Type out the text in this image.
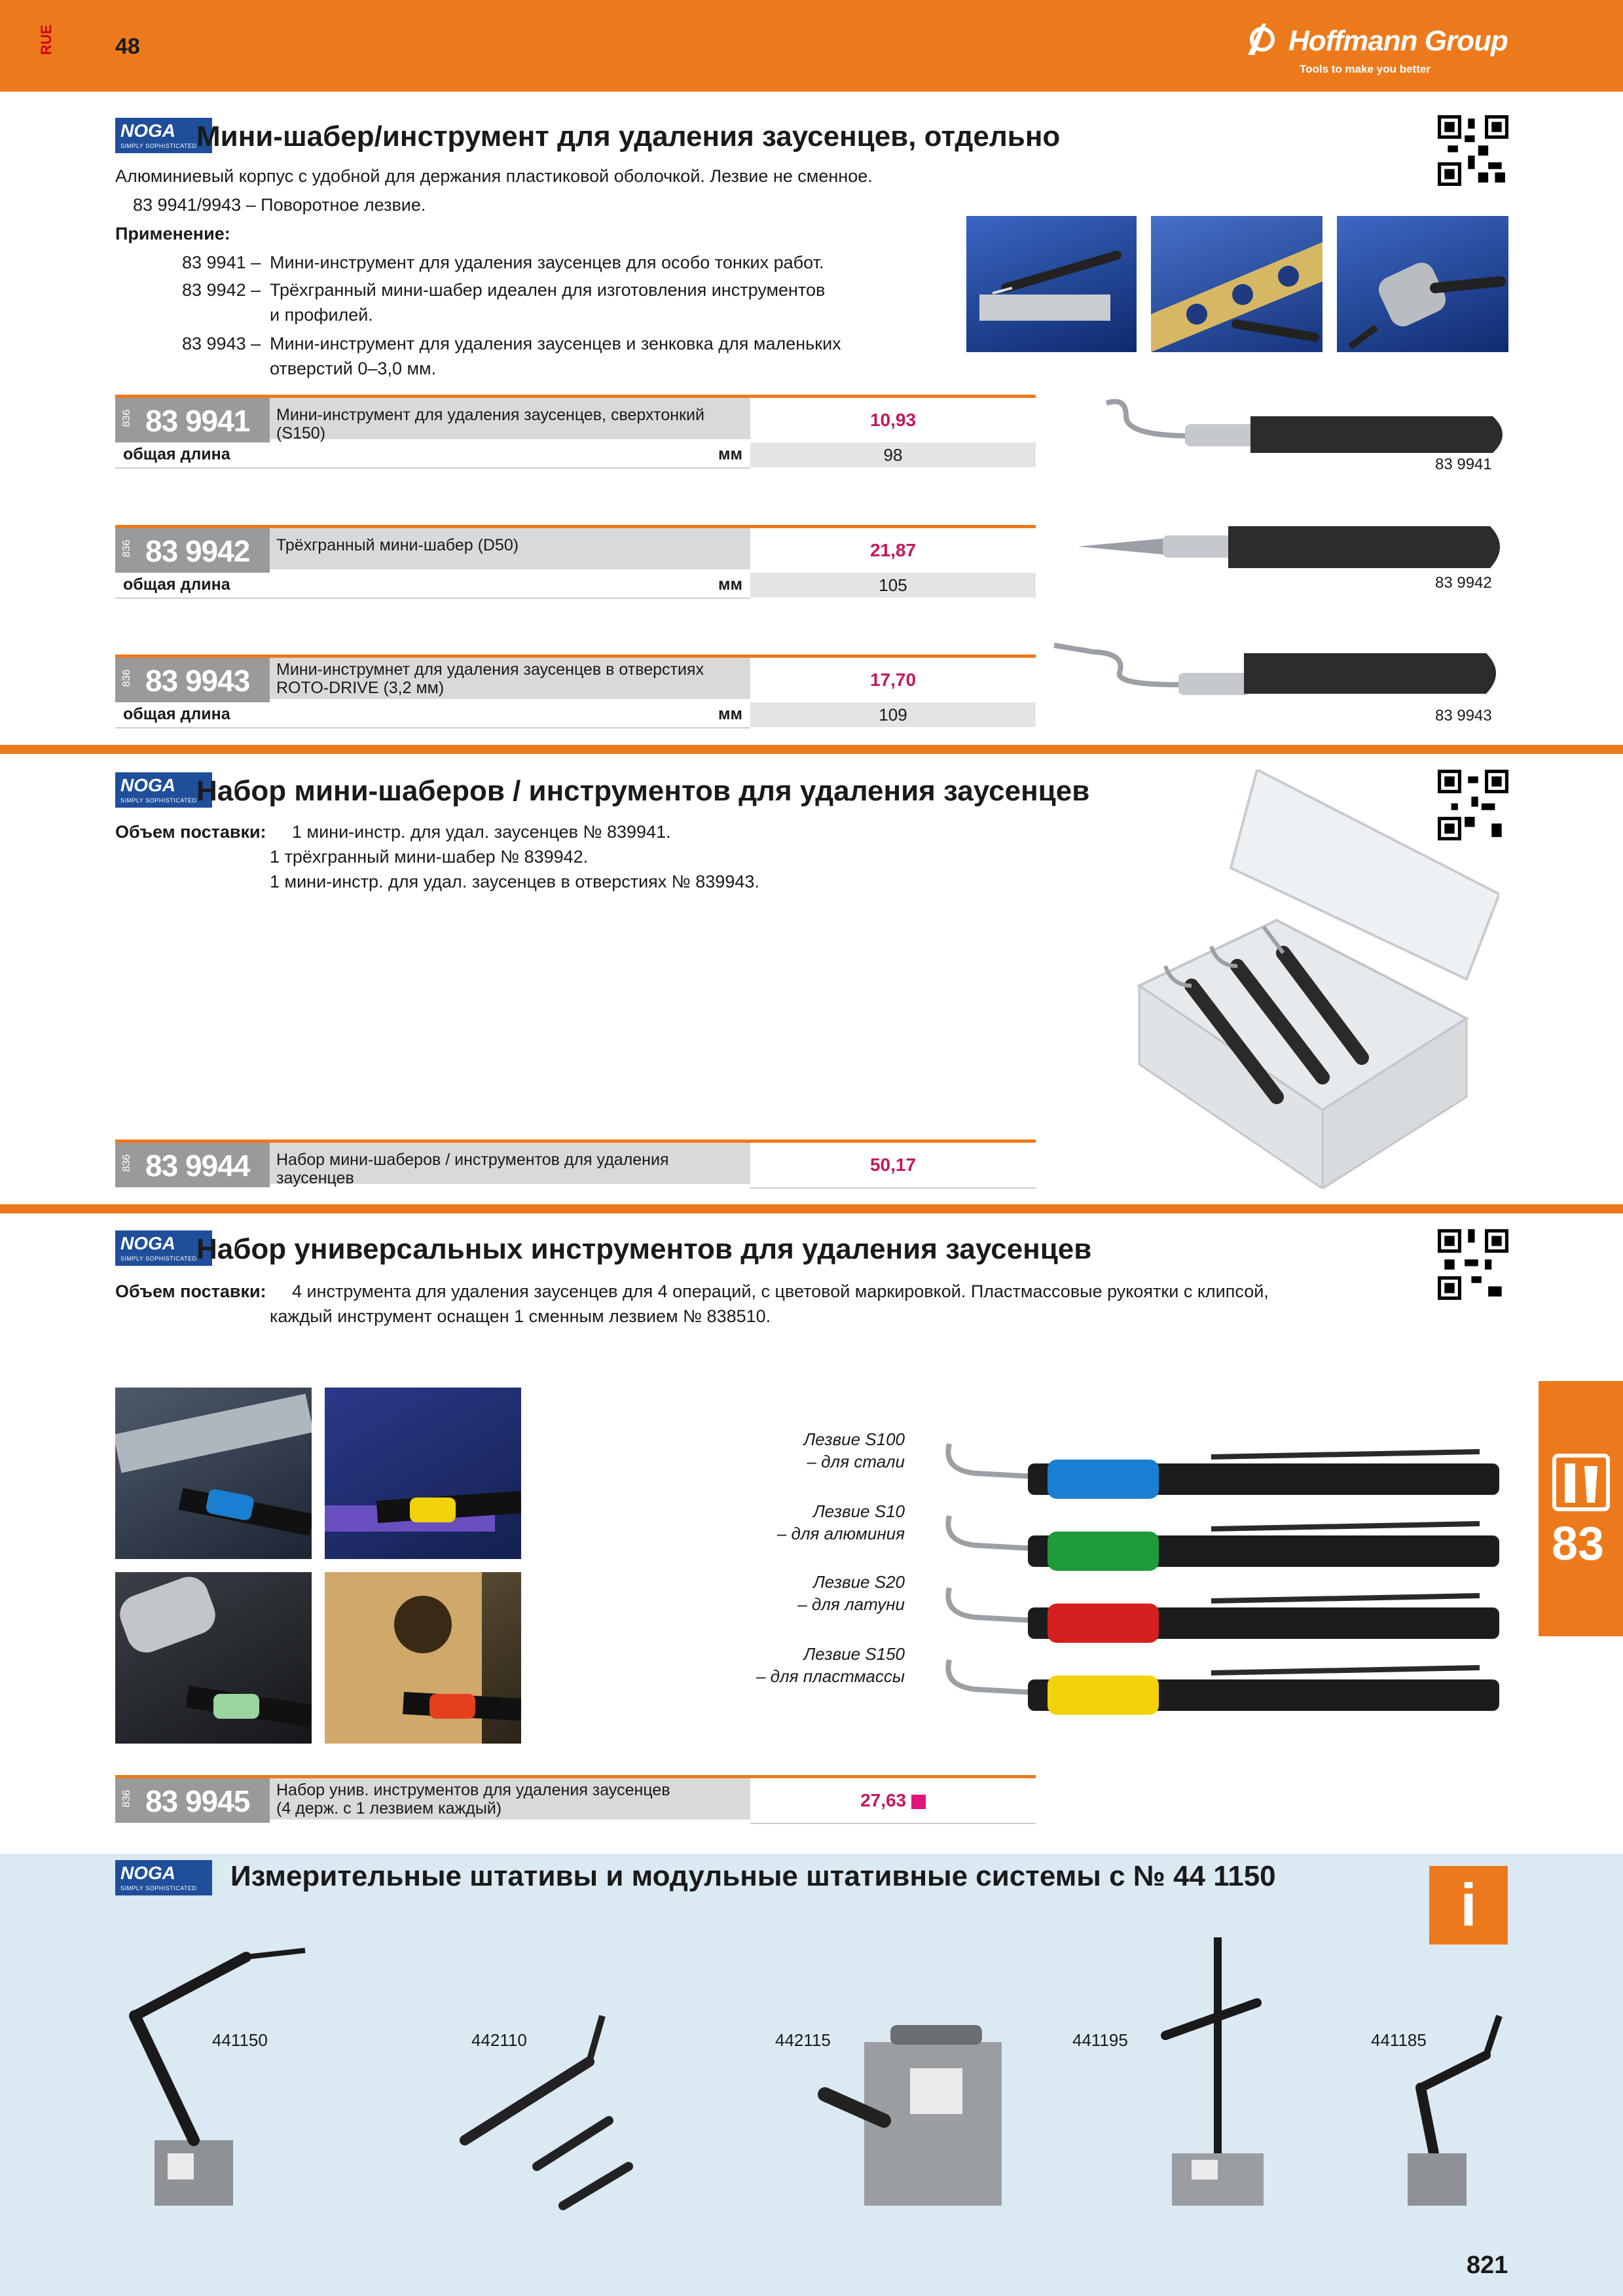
RUE	48	Hoffmann Group
Tools to make you better
NOGA
SIMPLY SOPHISTICATED Мини-шабер/инструмент для удаления заусенцев, отдельно
Алюминиевый корпус с удобной для держания пластиковой оболочкой. Лезвие не сменное.
83 9941/9943 – Поворотное лезвие.
Применение:
83 9941 – Мини-инструмент для удаления заусенцев для особо тонких работ.
83 9942 – Трёхгранный мини-шабер идеален для изготовления инструментов
и профилей.
83 9943 – Мини-инструмент для удаления заусенцев и зенковка для маленьких
отверстий 0–3,0 мм.
836 83 9941	Мини-инструмент для удаления заусенцев, сверхтонкий (S150)
10,93
общая длина	мм	98
836 83 9942	Трёхгранный мини-шабер (D50)	21,87
общая длина	мм	105
836 83 9943	Мини-инструмнет для удаления заусенцев в отверстиях ROTO-DRIVE (3,2 мм)	17,70
общая длина	мм	109
83 9941
83 9942
83 9943
NOGA
SIMPLY SOPHISTICATED Набор мини-шаберов / инструментов для удаления заусенцев
Объем поставки: 1 мини-инстр. для удал. заусенцев № 839941.
1 трёхгранный мини-шабер № 839942.
1 мини-инстр. для удал. заусенцев в отверстиях № 839943.
836 83 9944	Набор мини-шаберов / инструментов для удаления заусенцев
50,17
NOGA
SIMPLY SOPHISTICATED Набор универсальных инструментов для удаления заусенцев
Объем поставки: 4 инструмента для удаления заусенцев для 4 операций, с цветовой маркировкой. Пластмассовые рукоятки с клипсой,
каждый инструмент оснащен 1 сменным лезвием № 838510.
Лезвие S100
– для стали
Лезвие S10
– для алюминия
Лезвие S20
– для латуни
Лезвие S150
– для пластмассы
836 83 9945 Набор унив. инструментов для удаления заусенцев
(4 держ. с 1 лезвием каждый)	27,63
83
NOGA
SIMPLY SOPHISTICATED Измерительные штативы и модульные штативные системы с № 44 1150	i
441150	442110	442115	441195	441185
821
